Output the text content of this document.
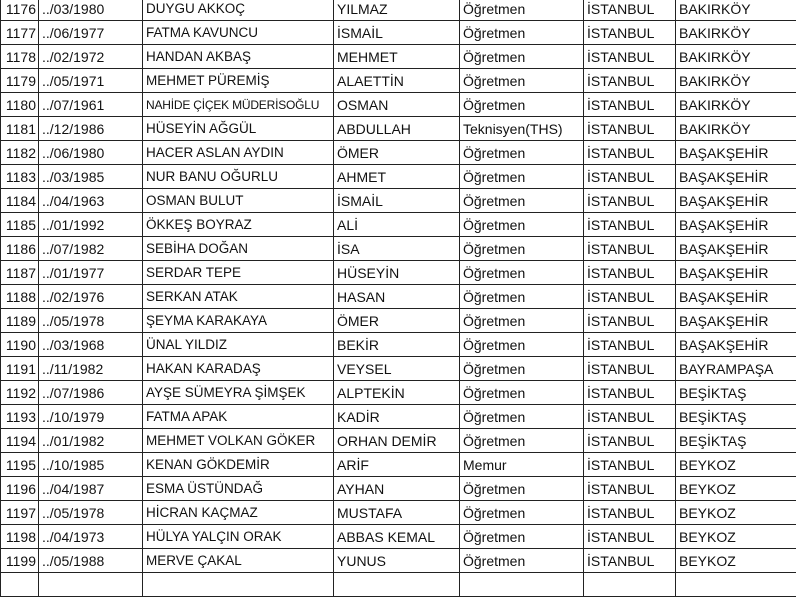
1176	../03/1980	DUYGU AKKOÇ	YILMAZ	Öğretmen	İSTANBUL	BAKIRKÖY
1177	../06/1977	FATMA KAVUNCU	İSMAİL	Öğretmen	İSTANBUL	BAKIRKÖY
1178	../02/1972	HANDAN AKBAŞ	MEHMET	Öğretmen	İSTANBUL	BAKIRKÖY
1179	../05/1971	MEHMET PÜREMİŞ	ALAETTİN	Öğretmen	İSTANBUL	BAKIRKÖY
1180	../07/1961	NAHİDE ÇİÇEK MÜDERİSOĞLU	OSMAN	Öğretmen	İSTANBUL	BAKIRKÖY
1181	../12/1986	HÜSEYİN AĞGÜL	ABDULLAH	Teknisyen(THS)	İSTANBUL	BAKIRKÖY
1182	../06/1980	HACER ASLAN AYDIN	ÖMER	Öğretmen	İSTANBUL	BAŞAKŞEHİR
1183	../03/1985	NUR BANU OĞURLU	AHMET	Öğretmen	İSTANBUL	BAŞAKŞEHİR
1184	../04/1963	OSMAN BULUT	İSMAİL	Öğretmen	İSTANBUL	BAŞAKŞEHİR
1185	../01/1992	ÖKKEŞ BOYRAZ	ALİ	Öğretmen	İSTANBUL	BAŞAKŞEHİR
1186	../07/1982	SEBİHA DOĞAN	İSA	Öğretmen	İSTANBUL	BAŞAKŞEHİR
1187	../01/1977	SERDAR TEPE	HÜSEYİN	Öğretmen	İSTANBUL	BAŞAKŞEHİR
1188	../02/1976	SERKAN ATAK	HASAN	Öğretmen	İSTANBUL	BAŞAKŞEHİR
1189	../05/1978	ŞEYMA KARAKAYA	ÖMER	Öğretmen	İSTANBUL	BAŞAKŞEHİR
1190	../03/1968	ÜNAL YILDIZ	BEKİR	Öğretmen	İSTANBUL	BAŞAKŞEHİR
1191	../11/1982	HAKAN KARADAŞ	VEYSEL	Öğretmen	İSTANBUL	BAYRAMPAŞA
1192	../07/1986	AYŞE SÜMEYRA ŞİMŞEK	ALPTEKİN	Öğretmen	İSTANBUL	BEŞİKTAŞ
1193	../10/1979	FATMA APAK	KADİR	Öğretmen	İSTANBUL	BEŞİKTAŞ
1194	../01/1982	MEHMET VOLKAN GÖKER	ORHAN DEMİR	Öğretmen	İSTANBUL	BEŞİKTAŞ
1195	../10/1985	KENAN GÖKDEMİR	ARİF	Memur	İSTANBUL	BEYKOZ
1196	../04/1987	ESMA ÜSTÜNDAĞ	AYHAN	Öğretmen	İSTANBUL	BEYKOZ
1197	../05/1978	HİCRAN KAÇMAZ	MUSTAFA	Öğretmen	İSTANBUL	BEYKOZ
1198	../04/1973	HÜLYA YALÇIN ORAK	ABBAS KEMAL	Öğretmen	İSTANBUL	BEYKOZ
1199	../05/1988	MERVE ÇAKAL	YUNUS	Öğretmen	İSTANBUL	BEYKOZ
